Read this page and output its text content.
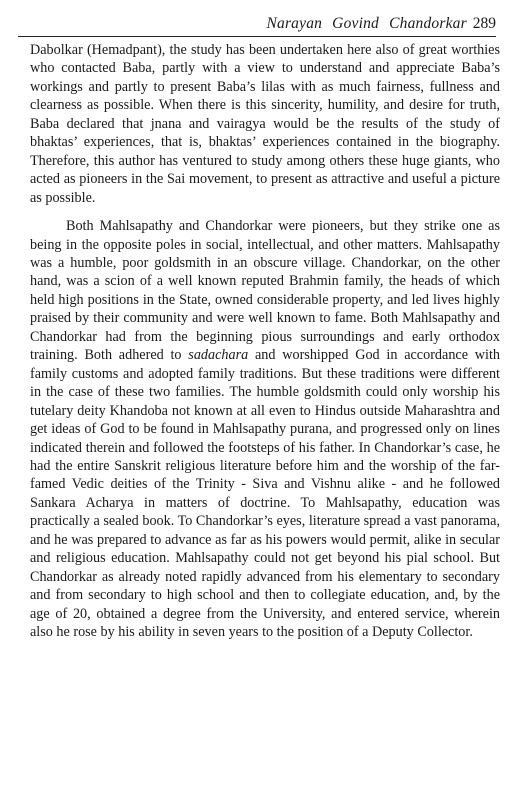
Narayan Govind Chandorkar 289

Dabolkar (Hemadpant), the study has been undertaken here also of great worthies who contacted Baba, partly with a view to understand and appreciate Baba’s workings and partly to present Baba’s lilas with as much fairness, fullness and clearness as possible. When there is this sincerity, humility, and desire for truth, Baba declared that jnana and vairagya would be the results of the study of bhaktas’ experiences, that is, bhaktas’ experiences contained in the biography. Therefore, this author has ventured to study among others these huge giants, who acted as pioneers in the Sai movement, to present as attractive and useful a picture as possible.

Both Mahlsapathy and Chandorkar were pioneers, but they strike one as being in the opposite poles in social, intellectual, and other matters. Mahlsapathy was a humble, poor goldsmith in an obscure village. Chandorkar, on the other hand, was a scion of a well known reputed Brahmin family, the heads of which held high positions in the State, owned considerable property, and led lives highly praised by their community and were well known to fame. Both Mahlsapathy and Chandorkar had from the beginning pious surroundings and early orthodox training. Both adhered to sadachara and worshipped God in accordance with family customs and adopted family traditions. But these traditions were different in the case of these two families. The humble goldsmith could only worship his tutelary deity Khandoba not known at all even to Hindus outside Maharashtra and get ideas of God to be found in Mahlsapathy purana, and progressed only on lines indicated therein and followed the footsteps of his father. In Chandorkar’s case, he had the entire Sanskrit religious literature before him and the worship of the far-famed Vedic deities of the Trinity - Siva and Vishnu alike - and he followed Sankara Acharya in matters of doctrine. To Mahlsapathy, education was practically a sealed book. To Chandorkar’s eyes, literature spread a vast panorama, and he was prepared to advance as far as his powers would permit, alike in secular and religious education. Mahlsapathy could not get beyond his pial school. But Chandorkar as already noted rapidly advanced from his elementary to secondary and from secondary to high school and then to collegiate education, and, by the age of 20, obtained a degree from the University, and entered service, wherein also he rose by his ability in seven years to the position of a Deputy Collector.
